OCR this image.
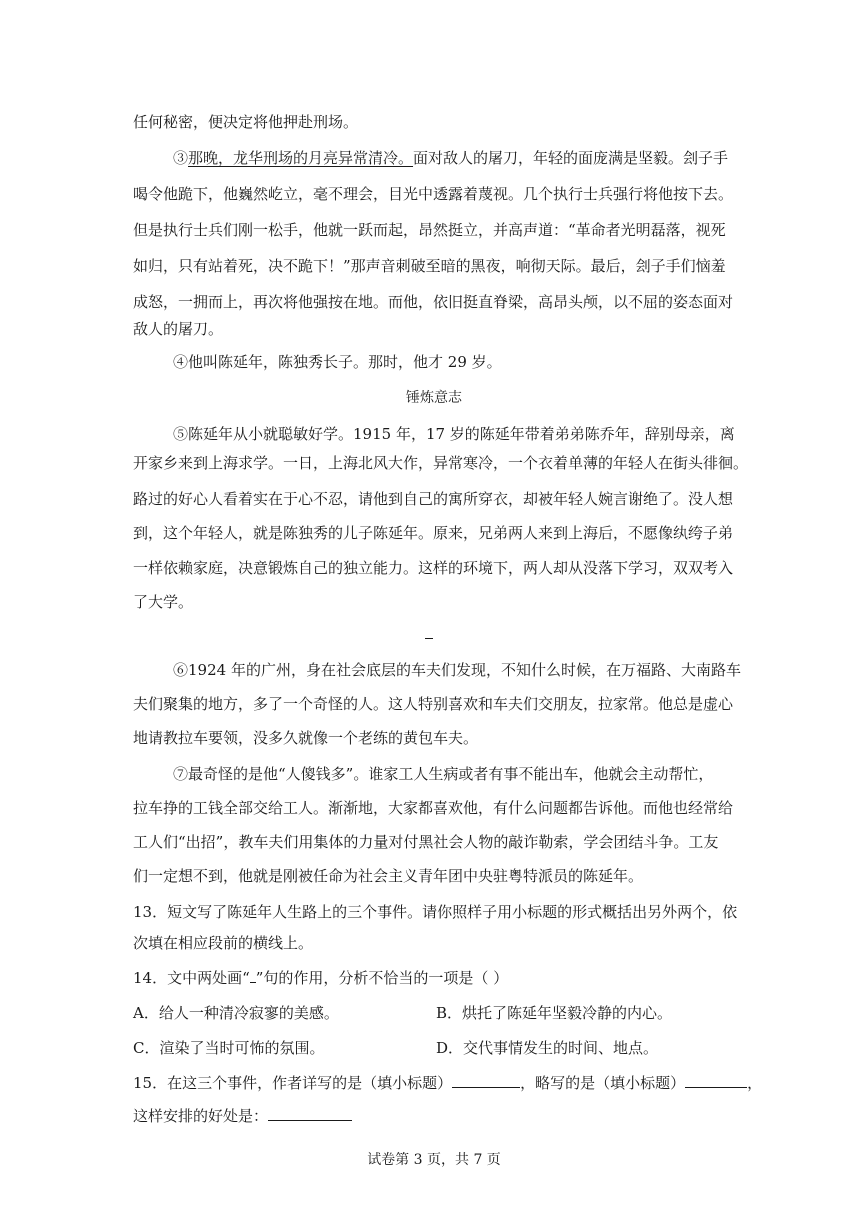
任何秘密，便决定将他押赴刑场。
③那晚，龙华刑场的月亮异常清冷。面对敌人的屠刀，年轻的面庞满是坚毅。刽子手
喝令他跪下，他巍然屹立，毫不理会，目光中透露着蔑视。几个执行士兵强行将他按下去。
但是执行士兵们刚一松手，他就一跃而起，昂然挺立，并高声道：“革命者光明磊落，视死
如归，只有站着死，决不跪下！”那声音刺破至暗的黑夜，响彻天际。最后，刽子手们恼羞
成怒，一拥而上，再次将他强按在地。而他，依旧挺直脊梁，高昂头颅，以不屈的姿态面对
敌人的屠刀。
④他叫陈延年，陈独秀长子。那时，他才 29 岁。
锤炼意志
⑤陈延年从小就聪敏好学。1915 年，17 岁的陈延年带着弟弟陈乔年，辞别母亲，离
开家乡来到上海求学。一日，上海北风大作，异常寒冷，一个衣着单薄的年轻人在街头徘徊。
路过的好心人看着实在于心不忍，请他到自己的寓所穿衣，却被年轻人婉言谢绝了。没人想
到，这个年轻人，就是陈独秀的儿子陈延年。原来，兄弟两人来到上海后，不愿像纨绔子弟
一样依赖家庭，决意锻炼自己的独立能力。这样的环境下，两人却从没落下学习，双双考入
了大学。
⑥1924 年的广州，身在社会底层的车夫们发现，不知什么时候，在万福路、大南路车
夫们聚集的地方，多了一个奇怪的人。这人特别喜欢和车夫们交朋友，拉家常。他总是虚心
地请教拉车要领，没多久就像一个老练的黄包车夫。
⑦最奇怪的是他“人傻钱多”。谁家工人生病或者有事不能出车，他就会主动帮忙，
拉车挣的工钱全部交给工人。渐渐地，大家都喜欢他，有什么问题都告诉他。而他也经常给
工人们“出招”，教车夫们用集体的力量对付黑社会人物的敲诈勒索，学会团结斗争。工友
们一定想不到，他就是刚被任命为社会主义青年团中央驻粤特派员的陈延年。
13．短文写了陈延年人生路上的三个事件。请你照样子用小标题的形式概括出另外两个，依
次填在相应段前的横线上。
14．文中两处画“ ”句的作用，分析不恰当的一项是（ ）
A．给人一种清冷寂寥的美感。	B．烘托了陈延年坚毅冷静的内心。
C．渲染了当时可怖的氛围。	D．交代事情发生的时间、地点。
15．在这三个事件，作者详写的是（填小标题）	，略写的是（填小标题）	，
这样安排的好处是：
试卷第 3 页，共 7 页
